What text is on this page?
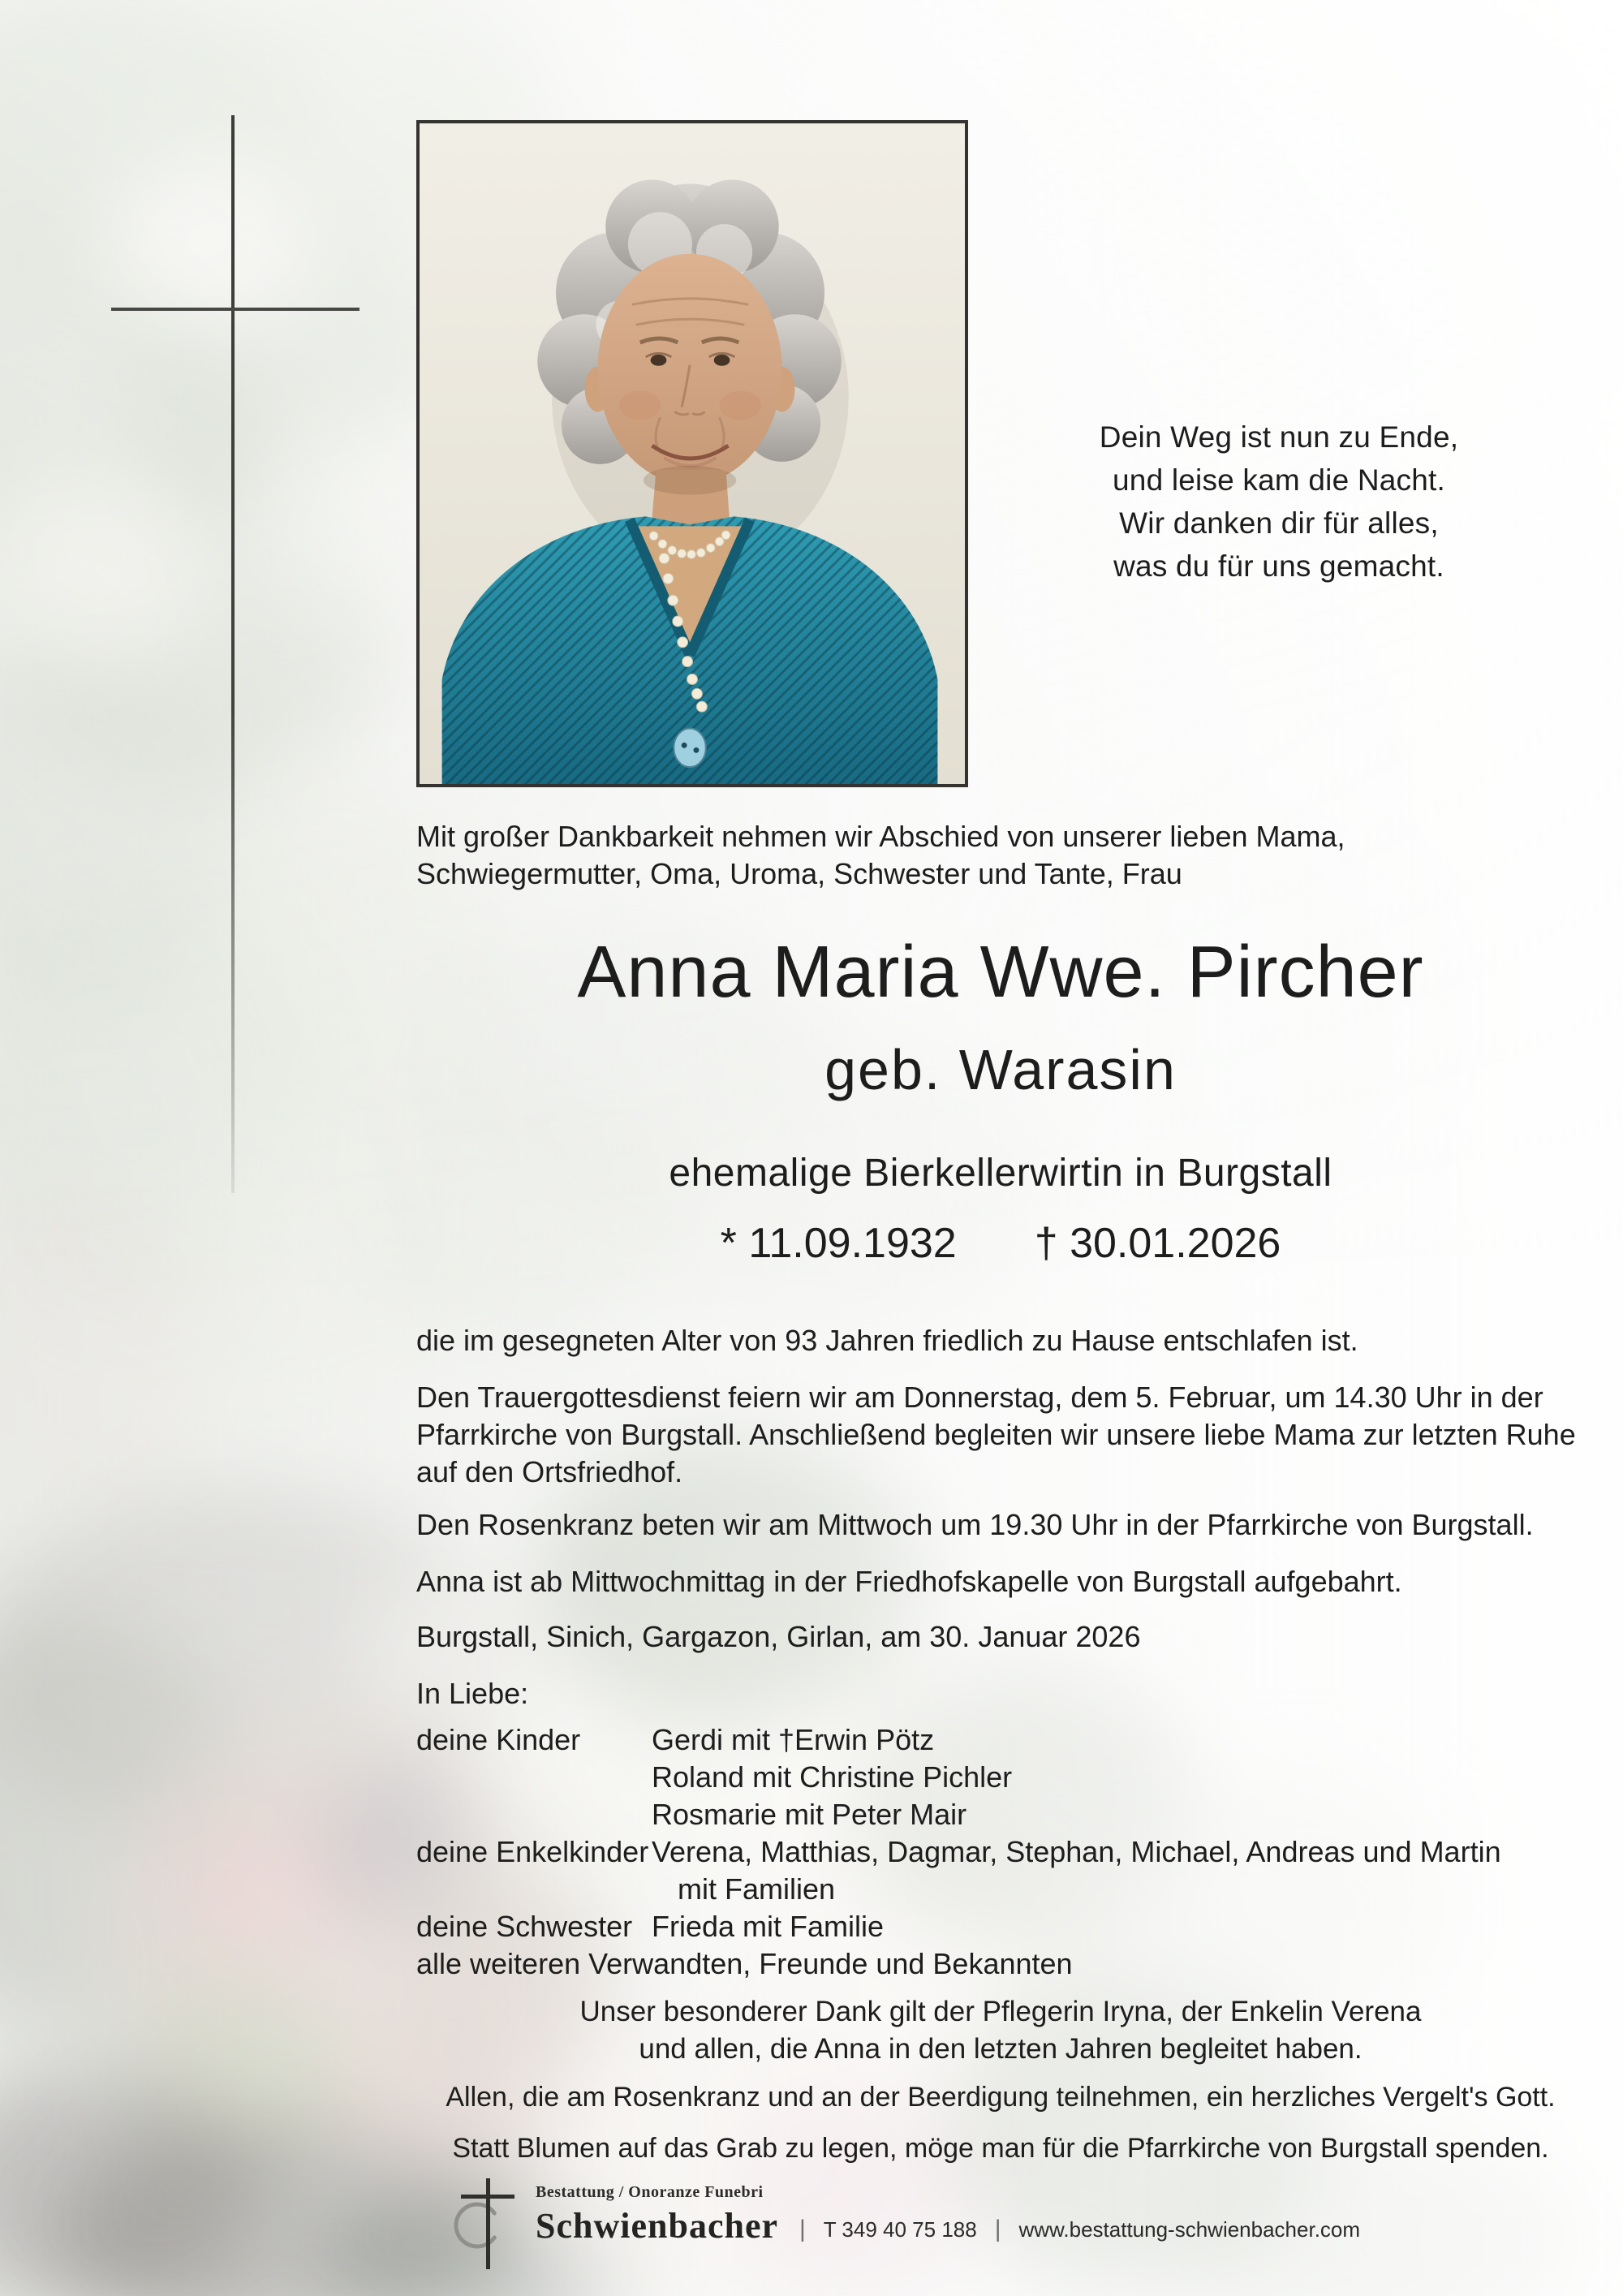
Dein Weg ist nun zu Ende,
und leise kam die Nacht.
Wir danken dir für alles,
was du für uns gemacht.
Mit großer Dankbarkeit nehmen wir Abschied von unserer lieben Mama,
Schwiegermutter, Oma, Uroma, Schwester und Tante, Frau
Anna Maria Wwe. Pircher
geb. Warasin
ehemalige Bierkellerwirtin in Burgstall
* 11.09.1932 † 30.01.2026
die im gesegneten Alter von 93 Jahren friedlich zu Hause entschlafen ist.
Den Trauergottesdienst feiern wir am Donnerstag, dem 5. Februar, um 14.30 Uhr in der
Pfarrkirche von Burgstall. Anschließend begleiten wir unsere liebe Mama zur letzten Ruhe
auf den Ortsfriedhof.
Den Rosenkranz beten wir am Mittwoch um 19.30 Uhr in der Pfarrkirche von Burgstall.
Anna ist ab Mittwochmittag in der Friedhofskapelle von Burgstall aufgebahrt.
Burgstall, Sinich, Gargazon, Girlan, am 30. Januar 2026
In Liebe:
deine Kinder	Gerdi mit †Erwin Pötz
Roland mit Christine Pichler
Rosmarie mit Peter Mair
deine Enkelkinder Verena, Matthias, Dagmar, Stephan, Michael, Andreas und Martin
mit Familien
deine Schwester Frieda mit Familie
alle weiteren Verwandten, Freunde und Bekannten
Unser besonderer Dank gilt der Pflegerin Iryna, der Enkelin Verena
und allen, die Anna in den letzten Jahren begleitet haben.
Allen, die am Rosenkranz und an der Beerdigung teilnehmen, ein herzliches Vergelt's Gott.
Statt Blumen auf das Grab zu legen, möge man für die Pfarrkirche von Burgstall spenden.
Bestattung / Onoranze Funebri
Schwienbacher | T 349 40 75 188 | www.bestattung-schwienbacher.com
